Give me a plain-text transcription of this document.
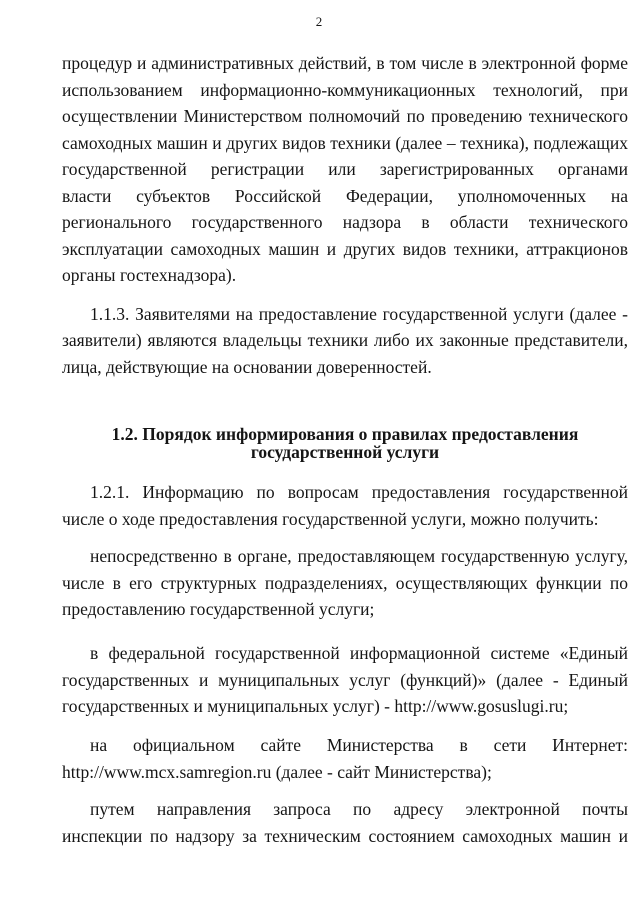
2
процедур и административных действий, в том числе в электронной форме
использованием информационно-коммуникационных технологий, при
осуществлении Министерством полномочий по проведению технического
самоходных машин и других видов техники (далее – техника), подлежащих
государственной регистрации или зарегистрированных органами
власти субъектов Российской Федерации, уполномоченных на
регионального государственного надзора в области технического
эксплуатации самоходных машин и других видов техники, аттракционов
органы гостехнадзора).
1.1.3. Заявителями на предоставление государственной услуги (далее -
заявители) являются владельцы техники либо их законные представители,
лица, действующие на основании доверенностей.
1.2. Порядок информирования о правилах предоставления
государственной услуги
1.2.1. Информацию по вопросам предоставления государственной
числе о ходе предоставления государственной услуги, можно получить:
непосредственно в органе, предоставляющем государственную услугу,
числе в его структурных подразделениях, осуществляющих функции по
предоставлению государственной услуги;
в федеральной государственной информационной системе «Единый
государственных и муниципальных услуг (функций)» (далее - Единый
государственных и муниципальных услуг) - http://www.gosuslugi.ru;
на официальном сайте Министерства в сети Интернет:
http://www.mcx.samregion.ru (далее - сайт Министерства);
путем направления запроса по адресу электронной почты
инспекции по надзору за техническим состоянием самоходных машин и
